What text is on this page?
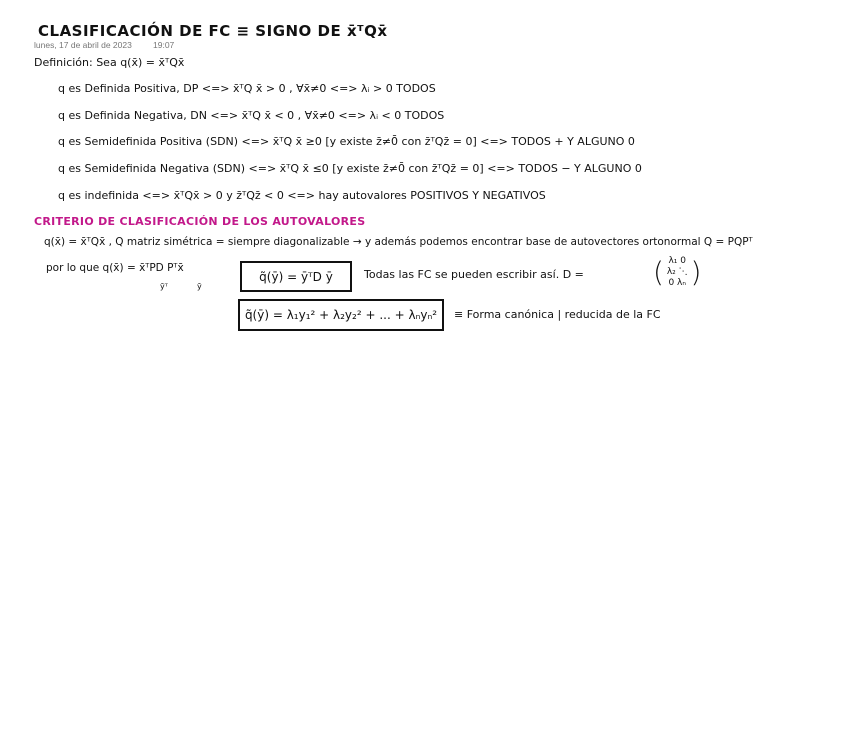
CLASIFICACIÓN DE FC ≡ SIGNO DE x̄ᵀQx̄
lunes, 17 de abril de 2023 19:07
Definición: Sea q(x̄) = x̄ᵀQx̄
q es Definida Positiva, DP <=> x̄ᵀQ x̄ > 0 , ∀x̄≠0 <=> λᵢ > 0 TODOS
q es Definida Negativa, DN <=> x̄ᵀQ x̄ < 0 , ∀x̄≠0 <=> λᵢ < 0 TODOS
q es Semidefinida Positiva (SDN) <=> x̄ᵀQ x̄ ≥0 [y existe z̄≠0̄ con z̄ᵀQz̄ = 0] <=> TODOS + Y ALGUNO 0
q es Semidefinida Negativa (SDN) <=> x̄ᵀQ x̄ ≤0 [y existe z̄≠0̄ con z̄ᵀQz̄ = 0] <=> TODOS − Y ALGUNO 0
q es indefinida <=> x̄ᵀQx̄ > 0 y z̄ᵀQz̄ < 0 <=> hay autovalores POSITIVOS Y NEGATIVOS
CRITERIO DE CLASIFICACIÓN DE LOS AUTOVALORES
q(x̄) = x̄ᵀQx̄ , Q matriz simétrica = siempre diagonalizable → y además podemos encontrar base de autovectores ortonormal Q = PQPᵀ
por lo que q(x̄) = x̄ᵀPD Pᵀx̄
ȳᵀ	ȳ
q̃(ȳ) = ȳᵀD ȳ	Todas las FC se pueden escribir así. D = ( λ₁ 0
λ₂ ⋱
0 λₙ )
q̃(ȳ) = λ₁y₁² + λ₂y₂² + ... + λₙyₙ² ≡ Forma canónica | reducida de la FC
